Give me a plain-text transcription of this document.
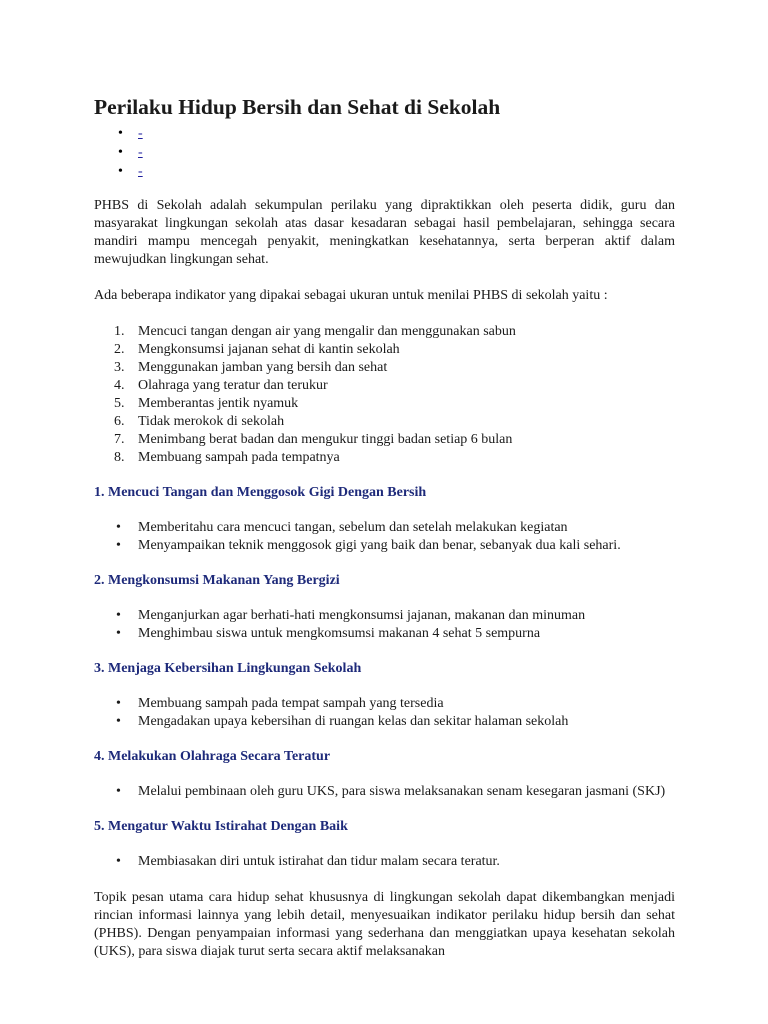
Perilaku Hidup Bersih dan Sehat di Sekolah
• -
• -
• -

PHBS di Sekolah adalah sekumpulan perilaku yang dipraktikkan oleh peserta didik, guru dan masyarakat lingkungan sekolah atas dasar kesadaran sebagai hasil pembelajaran, sehingga secara mandiri mampu mencegah penyakit, meningkatkan kesehatannya, serta berperan aktif dalam mewujudkan lingkungan sehat.

Ada beberapa indikator yang dipakai sebagai ukuran untuk menilai PHBS di sekolah yaitu :

1. Mencuci tangan dengan air yang mengalir dan menggunakan sabun
2. Mengkonsumsi jajanan sehat di kantin sekolah
3. Menggunakan jamban yang bersih dan sehat
4. Olahraga yang teratur dan terukur
5. Memberantas jentik nyamuk
6. Tidak merokok di sekolah
7. Menimbang berat badan dan mengukur tinggi badan setiap 6 bulan
8. Membuang sampah pada tempatnya
1. Mencuci Tangan dan Menggosok Gigi Dengan Bersih
• Memberitahu cara mencuci tangan, sebelum dan setelah melakukan kegiatan
• Menyampaikan teknik menggosok gigi yang baik dan benar, sebanyak dua kali sehari.
2. Mengkonsumsi Makanan Yang Bergizi
• Menganjurkan agar berhati-hati mengkonsumsi jajanan, makanan dan minuman
• Menghimbau siswa untuk mengkomsumsi makanan 4 sehat 5 sempurna
3. Menjaga Kebersihan Lingkungan Sekolah
• Membuang sampah pada tempat sampah yang tersedia
• Mengadakan upaya kebersihan di ruangan kelas dan sekitar halaman sekolah
4. Melakukan Olahraga Secara Teratur
• Melalui pembinaan oleh guru UKS, para siswa melaksanakan senam kesegaran jasmani (SKJ)
5. Mengatur Waktu Istirahat Dengan Baik
• Membiasakan diri untuk istirahat dan tidur malam secara teratur.

Topik pesan utama cara hidup sehat khususnya di lingkungan sekolah dapat dikembangkan menjadi rincian informasi lainnya yang lebih detail, menyesuaikan indikator perilaku hidup bersih dan sehat (PHBS). Dengan penyampaian informasi yang sederhana dan menggiatkan upaya kesehatan sekolah (UKS), para siswa diajak turut serta secara aktif melaksanakan
